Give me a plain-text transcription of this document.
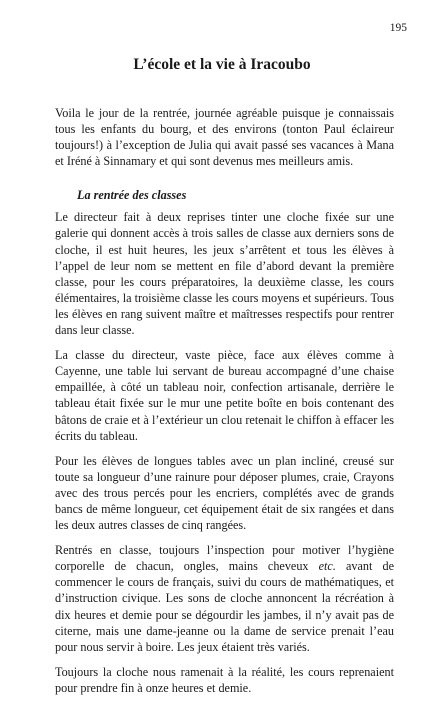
195
L’école et la vie à Iracoubo

Voila le jour de la rentrée, journée agréable puisque je connaissais tous les enfants du bourg, et des environs (tonton Paul éclaireur toujours!) à l’exception de Julia qui avait passé ses vacances à Mana et Iréné à Sinnamary et qui sont devenus mes meilleurs amis.

La rentrée des classes

Le directeur fait à deux reprises tinter une cloche fixée sur une galerie qui donnent accès à trois salles de classe aux derniers sons de cloche, il est huit heures, les jeux s’arrêtent et tous les élèves à l’appel de leur nom se mettent en file d’abord devant la première classe, pour les cours préparatoires, la deuxième classe, les cours élémentaires, la troisième classe les cours moyens et supérieurs. Tous les élèves en rang suivent maître et maîtresses respectifs pour rentrer dans leur classe.

La classe du directeur, vaste pièce, face aux élèves comme à Cayenne, une table lui servant de bureau accompagné d’une chaise empaillée, à côté un tableau noir, confection artisanale, derrière le tableau était fixée sur le mur une petite boîte en bois contenant des bâtons de craie et à l’extérieur un clou retenait le chiffon à effacer les écrits du tableau.

Pour les élèves de longues tables avec un plan incliné, creusé sur toute sa longueur d’une rainure pour déposer plumes, craie, Crayons avec des trous percés pour les encriers, complétés avec de grands bancs de même longueur, cet équipement était de six rangées et dans les deux autres classes de cinq rangées.

Rentrés en classe, toujours l’inspection pour motiver l’hygiène corporelle de chacun, ongles, mains cheveux etc. avant de commencer le cours de français, suivi du cours de mathématiques, et d’instruction civique. Les sons de cloche annoncent la récréation à dix heures et demie pour se dégourdir les jambes, il n’y avait pas de citerne, mais une dame-jeanne ou la dame de service prenait l’eau pour nous servir à boire. Les jeux étaient très variés.

Toujours la cloche nous ramenait à la réalité, les cours reprenaient pour prendre fin à onze heures et demie.
